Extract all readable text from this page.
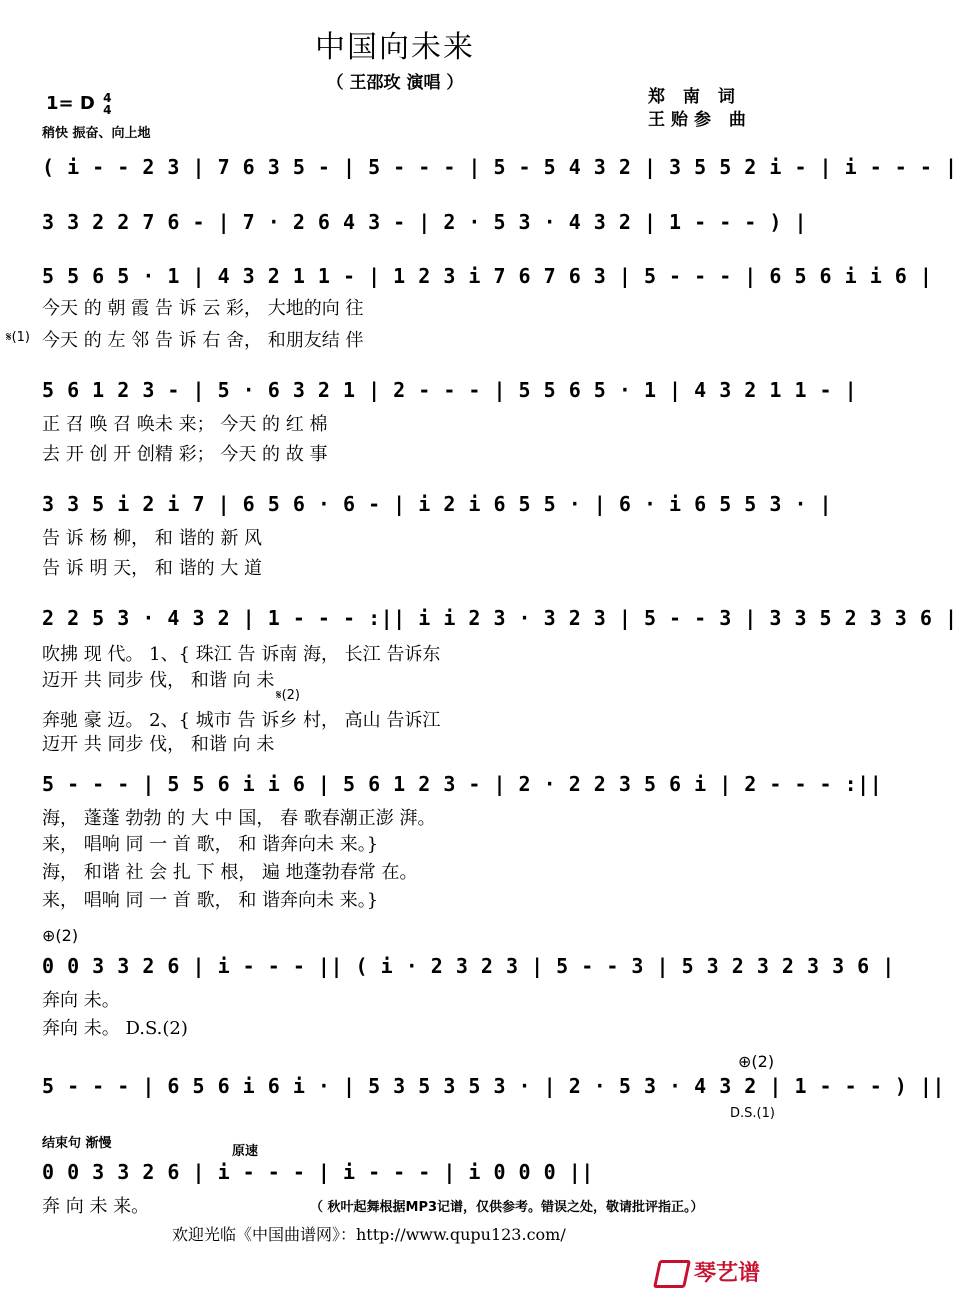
中国向未来
（ 王邵玫 演唱 ）
郑 南 词
王贻参 曲
1= D 4
4
稍快 振奋、向上地
( i - - 2 3 | 7 6 3 5 - | 5 - - - | 5 - 5 4 3 2 | 3 5 5 2 i - | i - - - |
3 3 2 2 7 6 - | 7 · 2 6 4 3 - | 2 · 5 3 · 4 3 2 | 1 - - - ) |
5 5 6 5 · 1 | 4 3 2 1 1 - | 1 2 3 i 7 6 7 6 3 | 5 - - - | 6 5 6 i i 6 |
今天 的 朝 霞 告 诉 云 彩， 大地的向 往
𝄋(1) 今天 的 左 邻 告 诉 右 舍， 和朋友结 伴
5 6 1 2 3 - | 5 · 6 3 2 1 | 2 - - - | 5 5 6 5 · 1 | 4 3 2 1 1 - |
正 召 唤 召 唤未 来； 今天 的 红 棉
去 开 创 开 创精 彩； 今天 的 故 事
3 3 5 i 2 i 7 | 6 5 6 · 6 - | i 2 i 6 5 5 · | 6 · i 6 5 5 3 · |
告 诉 杨 柳， 和 谐的 新 风
告 诉 明 天， 和 谐的 大 道
2 2 5 3 · 4 3 2 | 1 - - - :|| i i 2 3 · 3 2 3 | 5 - - 3 | 3 3 5 2 3 3 6 |
吹拂 现 代。 1、{ 珠江 告 诉南 海， 长江 告诉东
迈开 共 同步 伐， 和谐 向 未
𝄋(2)
奔驰 豪 迈。 2、{ 城市 告 诉乡 村， 高山 告诉江
迈开 共 同步 伐， 和谐 向 未
5 - - - | 5 5 6 i i 6 | 5 6 1 2 3 - | 2 · 2 2 3 5 6 i | 2 - - - :||
海， 蓬蓬 勃勃 的 大 中 国， 春 歌春潮正澎 湃。
来， 唱响 同 一 首 歌， 和 谐奔向未 来。}
海， 和谐 社 会 扎 下 根， 遍 地蓬勃春常 在。
来， 唱响 同 一 首 歌， 和 谐奔向未 来。}
⊕(2)
0 0 3 3 2 6 | i - - - || ( i · 2 3 2 3 | 5 - - 3 | 5 3 2 3 2 3 3 6 |
奔向 未。
奔向 未。 D.S.(2)
⊕(2)
5 - - - | 6 5 6 i 6 i · | 5 3 5 3 5 3 · | 2 · 5 3 · 4 3 2 | 1 - - - ) ||
D.S.(1)
结束句 渐慢
原速
0 0 3 3 2 6 | i - - - | i - - - | i 0 0 0 ||
奔 向 未 来。	（ 秋叶起舞根据MP3记谱，仅供参考。错误之处，敬请批评指正。）
欢迎光临《中国曲谱网》：http://www.qupu123.com/
琴艺谱
